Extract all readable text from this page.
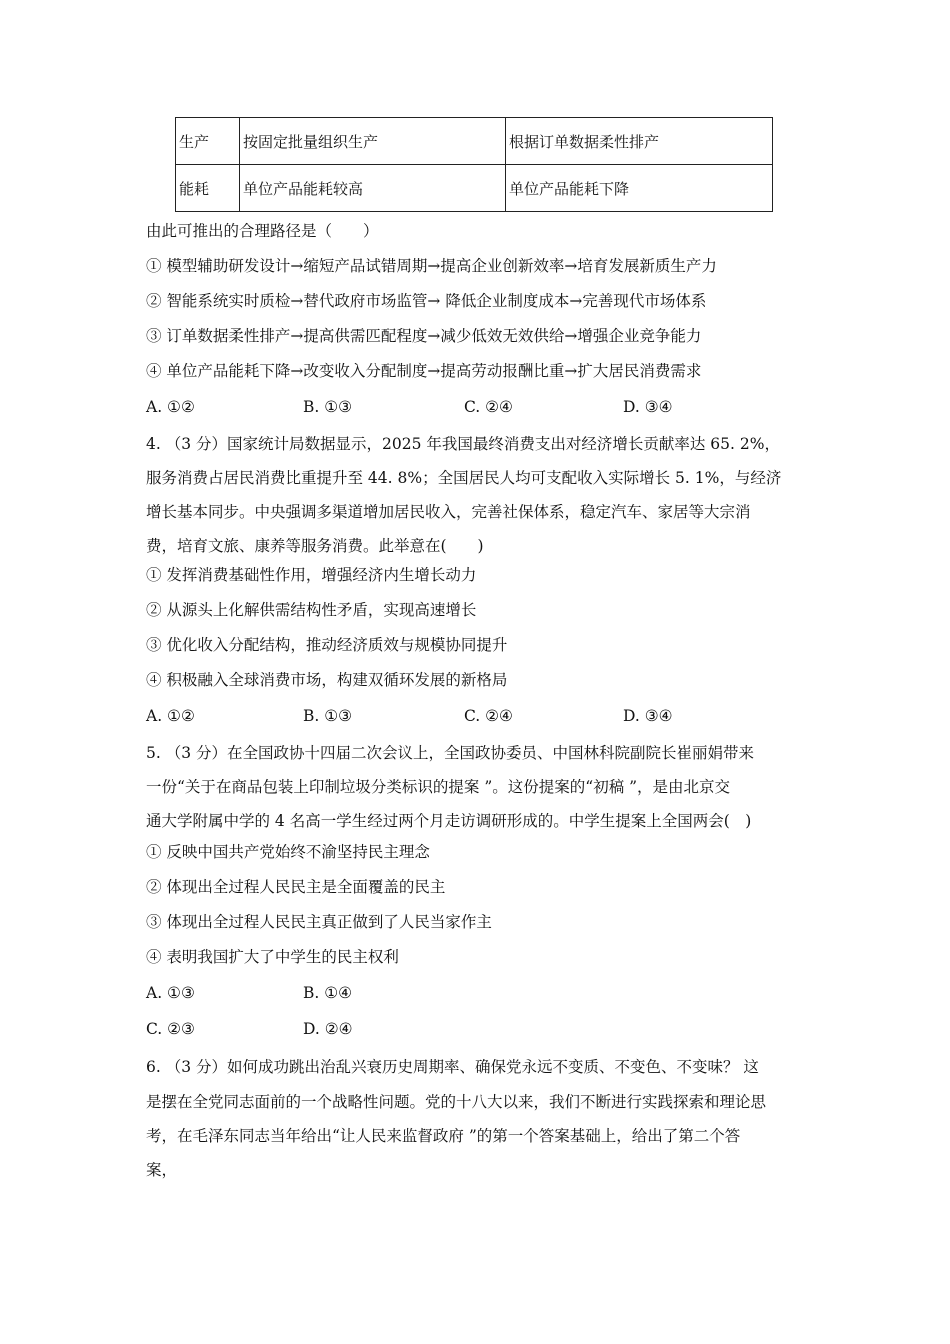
生产	按固定批量组织生产	根据订单数据柔性排产
能耗	单位产品能耗较高	单位产品能耗下降
由此可推出的合理路径是（　　）
① 模型辅助研发设计→缩短产品试错周期→提高企业创新效率→培育发展新质生产力
② 智能系统实时质检→替代政府市场监管→ 降低企业制度成本→完善现代市场体系
③ 订单数据柔性排产→提高供需匹配程度→减少低效无效供给→增强企业竞争能力
④ 单位产品能耗下降→改变收入分配制度→提高劳动报酬比重→扩大居民消费需求
A. ①②	B. ①③	C. ②④	D. ③④
4. （3 分）国家统计局数据显示，2025 年我国最终消费支出对经济增长贡献率达 65. 2%，
服务消费占居民消费比重提升至 44. 8%；全国居民人均可支配收入实际增长 5. 1%，与经济
增长基本同步。中央强调多渠道增加居民收入，完善社保体系，稳定汽车、家居等大宗消
费，培育文旅、康养等服务消费。此举意在(　　)
① 发挥消费基础性作用，增强经济内生增长动力
② 从源头上化解供需结构性矛盾，实现高速增长
③ 优化收入分配结构，推动经济质效与规模协同提升
④ 积极融入全球消费市场，构建双循环发展的新格局
A. ①②	B. ①③	C. ②④	D. ③④
5. （3 分）在全国政协十四届二次会议上，全国政协委员、中国林科院副院长崔丽娟带来
一份“关于在商品包装上印制垃圾分类标识的提案 ”。这份提案的“初稿 ”，是由北京交
通大学附属中学的 4 名高一学生经过两个月走访调研形成的。中学生提案上全国两会(　)
① 反映中国共产党始终不渝坚持民主理念
② 体现出全过程人民民主是全面覆盖的民主
③ 体现出全过程人民民主真正做到了人民当家作主
④ 表明我国扩大了中学生的民主权利
A. ①③	B. ①④
C. ②③	D. ②④
6. （3 分）如何成功跳出治乱兴衰历史周期率、确保党永远不变质、不变色、不变味？ 这
是摆在全党同志面前的一个战略性问题。党的十八大以来，我们不断进行实践探索和理论思
考，在毛泽东同志当年给出“让人民来监督政府 ”的第一个答案基础上，给出了第二个答
案，
